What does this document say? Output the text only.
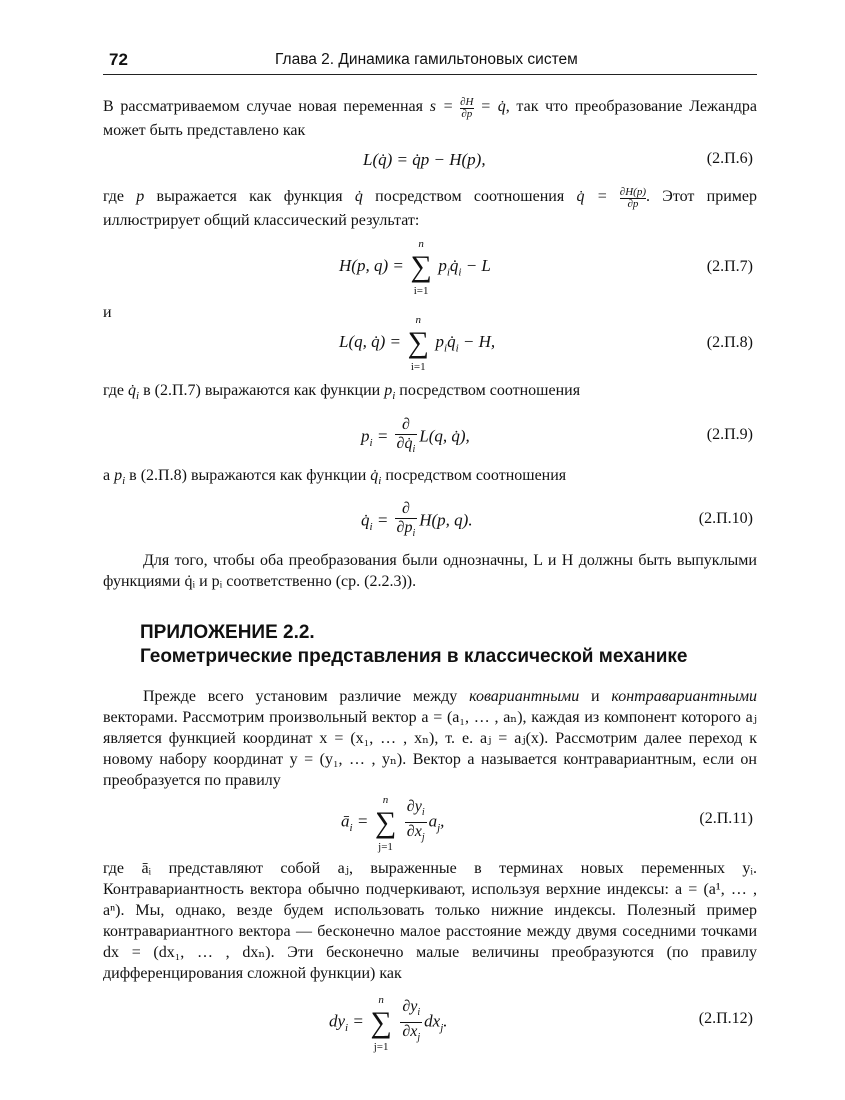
72	Глава 2. Динамика гамильтоновых систем
В рассматриваемом случае новая переменная $s = \frac{\partial H}{\partial p}$ = q̇, так что преобразование Лежандра может быть представлено как
L(q̇) = q̇p − H(p),	(2.П.6)
где p выражается как функция q̇ посредством соотношения q̇ = $\frac{\partial H(p)}{\partial p}$ . Этот пример иллюстрирует общий классический результат:
H(p, q) =
n
∑
i=1
$p_iq̇_i - L$	(2.П.7)
и
L(q, q̇) =
n
∑
i=1
$p_iq̇_i - H$,	(2.П.8)
где $q̇_i$ в (2.П.7) выражаются как функции $p_i$ посредством соотношения
$p_i = \frac{\partial}{\partial q̇_i} L(q$, q̇),	(2.П.9)
а $p_i$ в (2.П.8) выражаются как функции $q̇_i$ посредством соотношения
$q̇_i = \frac{\partial}{\partial p_i} H(p$, q).	(2.П.10)
Для того, чтобы оба преобразования были однозначны, L и H должны быть выпуклыми функциями q̇ᵢ и pᵢ соответственно (ср. (2.2.3)).
ПРИЛОЖЕНИЕ 2.2.
Геометрические представления в классической механике
Прежде всего установим различие между ковариантными и контравариантными векторами. Рассмотрим произвольный вектор a = (a₁, … , aₙ), каждая из компонент которого aⱼ является функцией координат x = (x₁, … , xₙ), т. е. aⱼ = aⱼ(x). Рассмотрим далее переход к новому набору координат y = (y₁, … , yₙ). Вектор a называется контравариантным, если он преобразуется по правилу
$ā_i$ =
n
∑
j=1
$\frac{\partial y_i}{\partial x_j} a_j$,	(2.П.11)
где āᵢ представляют собой aⱼ, выраженные в терминах новых переменных yᵢ. Контравариантность вектора обычно подчеркивают, используя верхние индексы: a = (a¹, … , aⁿ). Мы, однако, везде будем использовать только нижние индексы. Полезный пример контравариантного вектора — бесконечно малое расстояние между двумя соседними точками dx = (dx₁, … , dxₙ). Эти бесконечно малые величины преобразуются (по правилу дифференцирования сложной функции) как
$dy_i$ =
n
∑
j=1
$\frac{\partial y_i}{\partial x_j} dx_j$.	(2.П.12)
